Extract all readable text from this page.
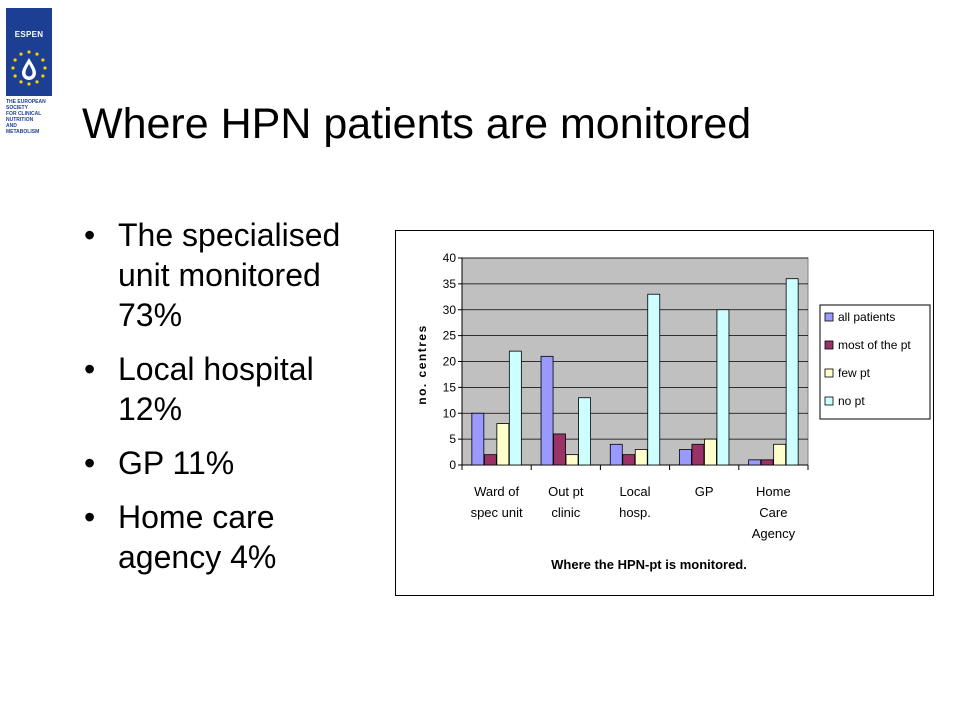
ESPEN
THE EUROPEAN
SOCIETY
FOR CLINICAL
NUTRITION
AND
METABOLISM Where HPN patients are monitored
• The specialised
unit monitored
73%
• Local hospital
12%
• GP 11%
• Home care
agency 4%
0
5
10
15
20
25
30
35
40
Ward of
spec unit
Out pt
clinic
Local
hosp.
GP	Home
Care
Agency
no. centres
Where the HPN-pt is monitored.
all patients
most of the pt
few pt
no pt
